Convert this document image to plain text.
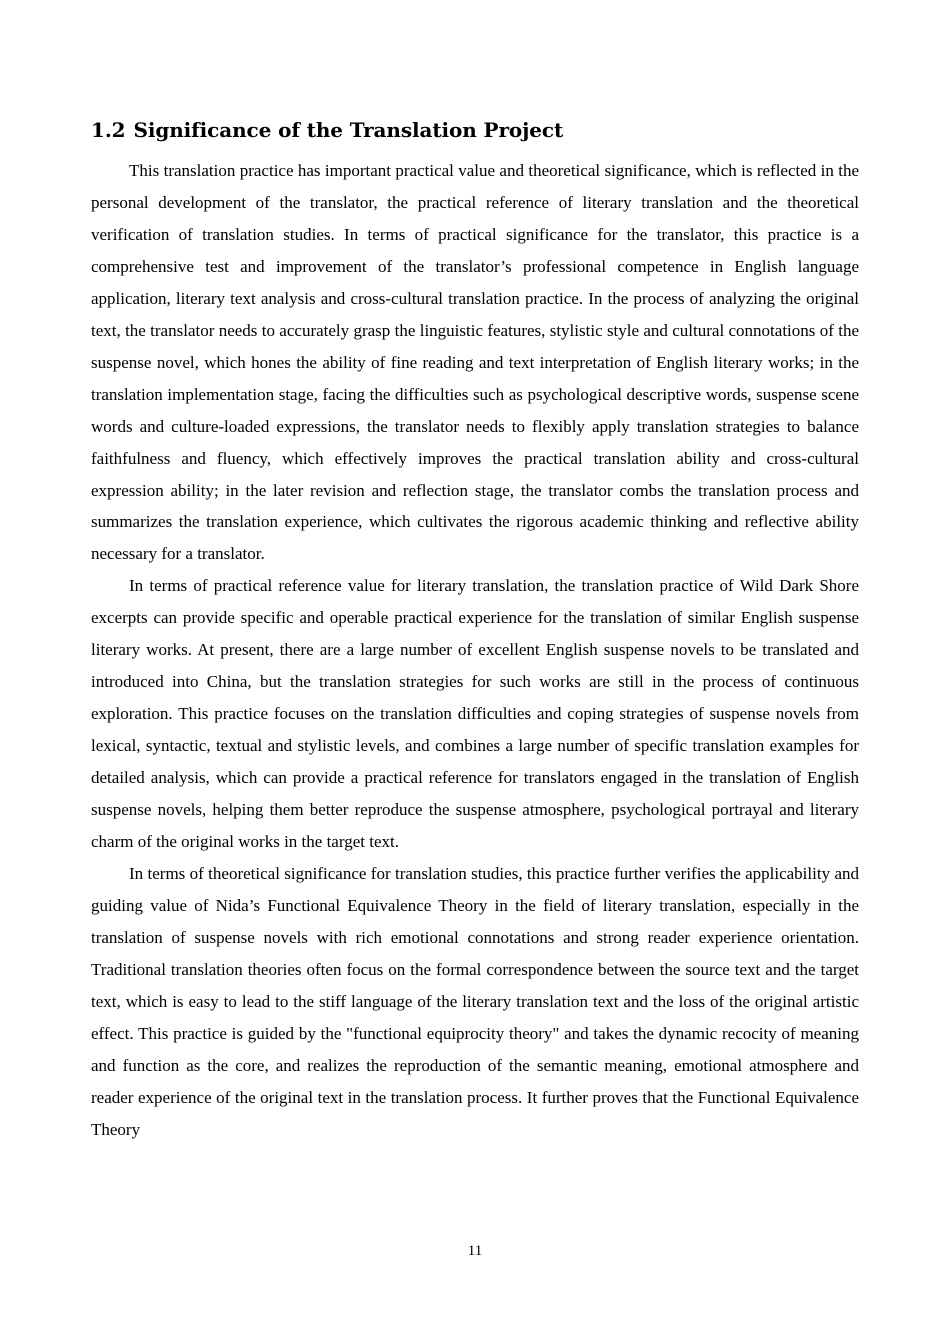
1.2 Significance of the Translation Project

This translation practice has important practical value and theoretical significance, which is reflected in the personal development of the translator, the practical reference of literary translation and the theoretical verification of translation studies. In terms of practical significance for the translator, this practice is a comprehensive test and improvement of the translator’s professional competence in English language application, literary text analysis and cross-cultural translation practice. In the process of analyzing the original text, the translator needs to accurately grasp the linguistic features, stylistic style and cultural connotations of the suspense novel, which hones the ability of fine reading and text interpretation of English literary works; in the translation implementation stage, facing the difficulties such as psychological descriptive words, suspense scene words and culture-loaded expressions, the translator needs to flexibly apply translation strategies to balance faithfulness and fluency, which effectively improves the practical translation ability and cross-cultural expression ability; in the later revision and reflection stage, the translator combs the translation process and summarizes the translation experience, which cultivates the rigorous academic thinking and reflective ability necessary for a translator.

In terms of practical reference value for literary translation, the translation practice of Wild Dark Shore excerpts can provide specific and operable practical experience for the translation of similar English suspense literary works. At present, there are a large number of excellent English suspense novels to be translated and introduced into China, but the translation strategies for such works are still in the process of continuous exploration. This practice focuses on the translation difficulties and coping strategies of suspense novels from lexical, syntactic, textual and stylistic levels, and combines a large number of specific translation examples for detailed analysis, which can provide a practical reference for translators engaged in the translation of English suspense novels, helping them better reproduce the suspense atmosphere, psychological portrayal and literary charm of the original works in the target text.

In terms of theoretical significance for translation studies, this practice further verifies the applicability and guiding value of Nida’s Functional Equivalence Theory in the field of literary translation, especially in the translation of suspense novels with rich emotional connotations and strong reader experience orientation. Traditional translation theories often focus on the formal correspondence between the source text and the target text, which is easy to lead to the stiff language of the literary translation text and the loss of the original artistic effect. This practice is guided by the "functional equiprocity theory" and takes the dynamic recocity of meaning and function as the core, and realizes the reproduction of the semantic meaning, emotional atmosphere and reader experience of the original text in the translation process. It further proves that the Functional Equivalence Theory

11
